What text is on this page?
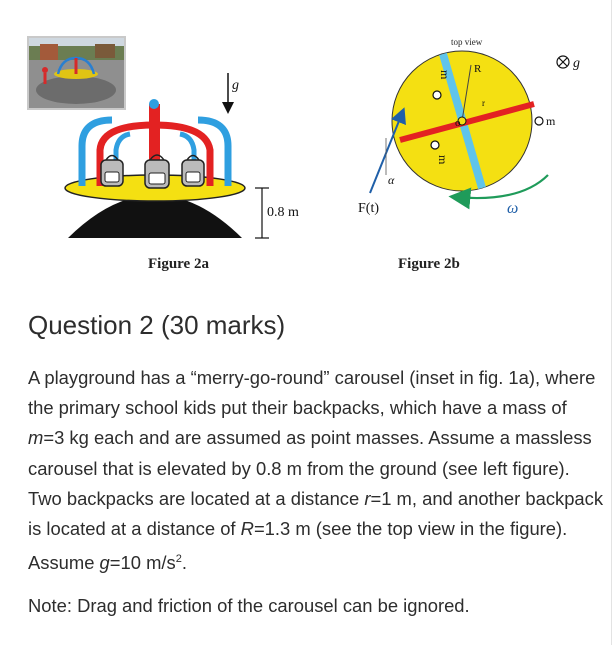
g
0.8 m
Figure 2a
top view
R
r
o
m
m
m
g
α
F(t)	ω
Figure 2b
Question 2 (30 marks)

A playground has a “merry-go-round” carousel (inset in fig. 1a), where the primary school kids put their backpacks, which have a mass of m=3 kg each and are assumed as point masses. Assume a massless carousel that is elevated by 0.8 m from the ground (see left figure). Two backpacks are located at a distance r=1 m, and another backpack is located at a distance of R=1.3 m (see the top view in the figure). Assume g=10 $m/s^2$.

Note: Drag and friction of the carousel can be ignored.
